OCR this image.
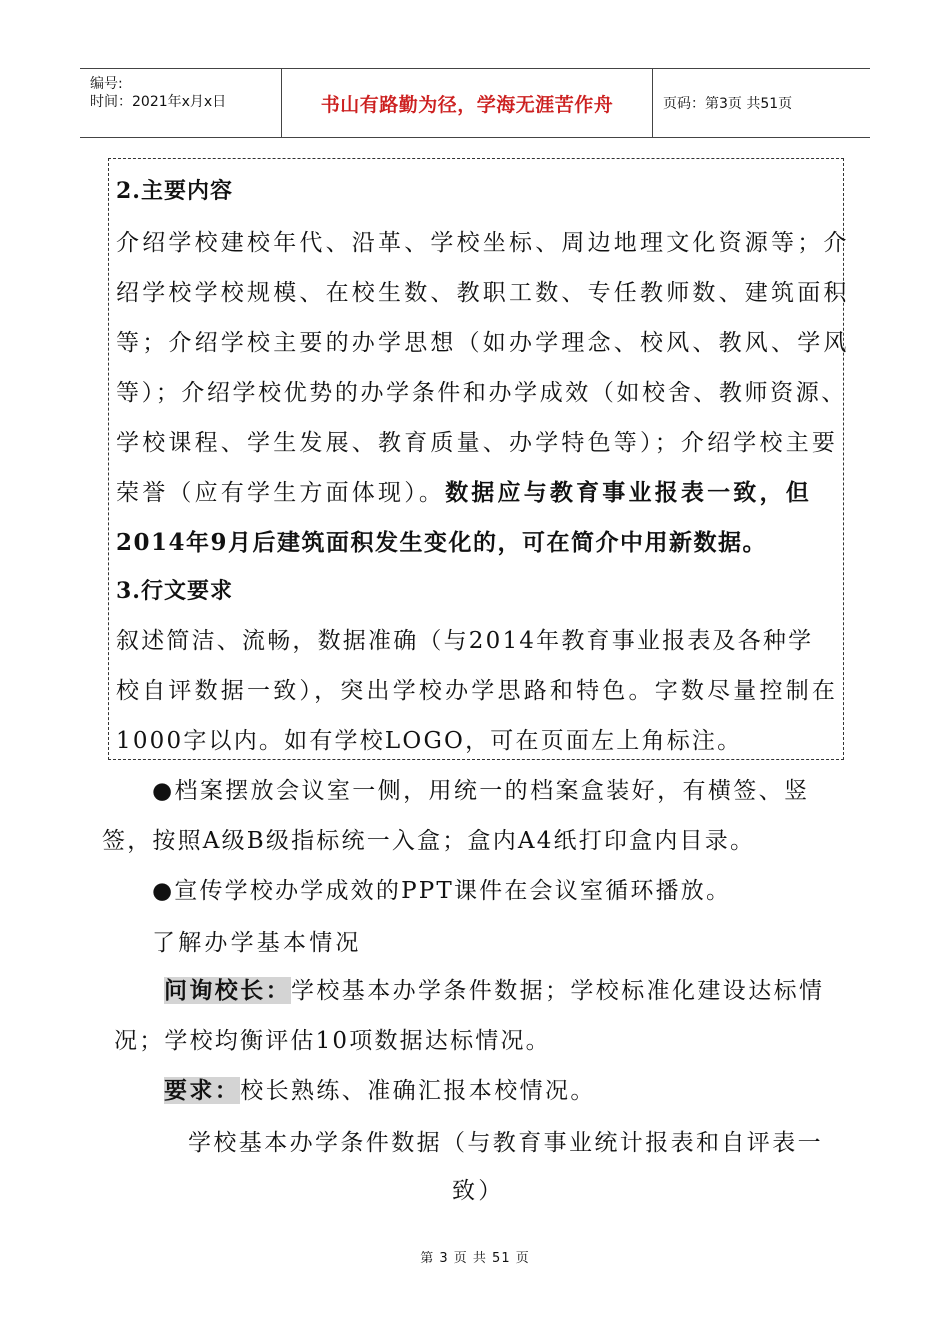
编号:
时间：2021年x月x日	书山有路勤为径，学海无涯苦作舟	页码：第3页 共51页
2.主要内容
介绍学校建校年代、沿革、学校坐标、周边地理文化资源等；介
绍学校学校规模、在校生数、教职工数、专任教师数、建筑面积
等；介绍学校主要的办学思想（如办学理念、校风、教风、学风
等）；介绍学校优势的办学条件和办学成效（如校舍、教师资源、
学校课程、学生发展、教育质量、办学特色等）；介绍学校主要
荣誉（应有学生方面体现）。数据应与教育事业报表一致，但
2014年9月后建筑面积发生变化的，可在简介中用新数据。
3.行文要求
叙述简洁、流畅，数据准确（与2014年教育事业报表及各种学
校自评数据一致），突出学校办学思路和特色。字数尽量控制在
1000字以内。如有学校LOGO，可在页面左上角标注。
●档案摆放会议室一侧，用统一的档案盒装好，有横签、竖
签，按照A级B级指标统一入盒；盒内A4纸打印盒内目录。
●宣传学校办学成效的PPT课件在会议室循环播放。
了解办学基本情况
问询校长：学校基本办学条件数据；学校标准化建设达标情
况；学校均衡评估10项数据达标情况。
要求：校长熟练、准确汇报本校情况。
学校基本办学条件数据（与教育事业统计报表和自评表一
致）
第 3 页 共 51 页
